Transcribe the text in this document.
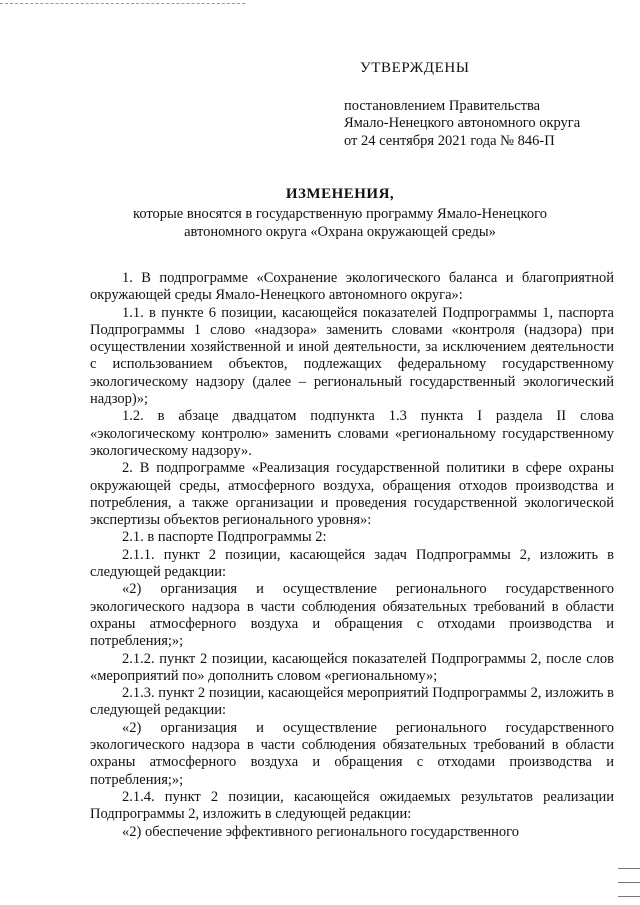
УТВЕРЖДЕНЫ
постановлением Правительства
Ямало-Ненецкого автономного округа
от 24 сентября 2021 года № 846-П
ИЗМЕНЕНИЯ,
которые вносятся в государственную программу Ямало-Ненецкого
автономного округа «Охрана окружающей среды»

1. В подпрограмме «Сохранение экологического баланса и благоприятной окружающей среды Ямало-Ненецкого автономного округа»:

1.1. в пункте 6 позиции, касающейся показателей Подпрограммы 1, паспорта Подпрограммы 1 слово «надзора» заменить словами «контроля (надзора) при осуществлении хозяйственной и иной деятельности, за исключением деятельности с использованием объектов, подлежащих федеральному государственному экологическому надзору (далее – региональный государственный экологический надзор)»;

1.2. в абзаце двадцатом подпункта 1.3 пункта I раздела II слова «экологическому контролю» заменить словами «региональному государственному экологическому надзору».

2. В подпрограмме «Реализация государственной политики в сфере охраны окружающей среды, атмосферного воздуха, обращения отходов производства и потребления, а также организации и проведения государственной экологической экспертизы объектов регионального уровня»:

2.1. в паспорте Подпрограммы 2:

2.1.1. пункт 2 позиции, касающейся задач Подпрограммы 2, изложить в следующей редакции:

«2) организация и осуществление регионального государственного экологического надзора в части соблюдения обязательных требований в области охраны атмосферного воздуха и обращения с отходами производства и потребления;»;

2.1.2. пункт 2 позиции, касающейся показателей Подпрограммы 2, после слов «мероприятий по» дополнить словом «региональному»;

2.1.3. пункт 2 позиции, касающейся мероприятий Подпрограммы 2, изложить в следующей редакции:

«2) организация и осуществление регионального государственного экологического надзора в части соблюдения обязательных требований в области охраны атмосферного воздуха и обращения с отходами производства и потребления;»;

2.1.4. пункт 2 позиции, касающейся ожидаемых результатов реализации Подпрограммы 2, изложить в следующей редакции:

«2) обеспечение эффективного регионального государственного
